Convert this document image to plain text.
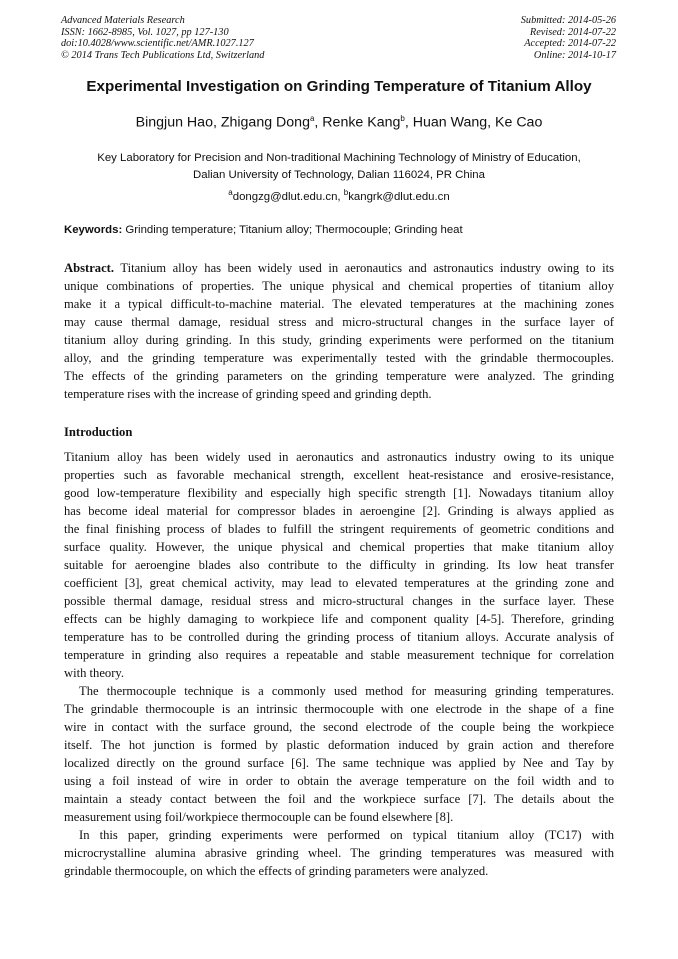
Advanced Materials Research
ISSN: 1662-8985, Vol. 1027, pp 127-130
doi:10.4028/www.scientific.net/AMR.1027.127
© 2014 Trans Tech Publications Ltd, Switzerland
Submitted: 2014-05-26
Revised: 2014-07-22
Accepted: 2014-07-22
Online: 2014-10-17
Experimental Investigation on Grinding Temperature of Titanium Alloy
Bingjun Hao, Zhigang Dong$^a$, Renke Kang$^b$, Huan Wang, Ke Cao
Key Laboratory for Precision and Non-traditional Machining Technology of Ministry of Education,
Dalian University of Technology, Dalian 116024, PR China
$^a$dongzg@dlut.edu.cn, $^b$kangrk@dlut.edu.cn
Keywords: Grinding temperature; Titanium alloy; Thermocouple; Grinding heat
Abstract. Titanium alloy has been widely used in aeronautics and astronautics industry owing to its
unique combinations of properties. The unique physical and chemical properties of titanium alloy
make it a typical difficult-to-machine material. The elevated temperatures at the machining zones
may cause thermal damage, residual stress and micro-structural changes in the surface layer of
titanium alloy during grinding. In this study, grinding experiments were performed on the titanium
alloy, and the grinding temperature was experimentally tested with the grindable thermocouples.
The effects of the grinding parameters on the grinding temperature were analyzed. The grinding
temperature rises with the increase of grinding speed and grinding depth.
Introduction
Titanium alloy has been widely used in aeronautics and astronautics industry owing to its unique
properties such as favorable mechanical strength, excellent heat-resistance and erosive-resistance,
good low-temperature flexibility and especially high specific strength [1]. Nowadays titanium alloy
has become ideal material for compressor blades in aeroengine [2]. Grinding is always applied as
the final finishing process of blades to fulfill the stringent requirements of geometric conditions and
surface quality. However, the unique physical and chemical properties that make titanium alloy
suitable for aeroengine blades also contribute to the difficulty in grinding. Its low heat transfer
coefficient [3], great chemical activity, may lead to elevated temperatures at the grinding zone and
possible thermal damage, residual stress and micro-structural changes in the surface layer. These
effects can be highly damaging to workpiece life and component quality [4-5]. Therefore, grinding
temperature has to be controlled during the grinding process of titanium alloys. Accurate analysis of
temperature in grinding also requires a repeatable and stable measurement technique for correlation
with theory.
The thermocouple technique is a commonly used method for measuring grinding temperatures.
The grindable thermocouple is an intrinsic thermocouple with one electrode in the shape of a fine
wire in contact with the surface ground, the second electrode of the couple being the workpiece
itself. The hot junction is formed by plastic deformation induced by grain action and therefore
localized directly on the ground surface [6]. The same technique was applied by Nee and Tay by
using a foil instead of wire in order to obtain the average temperature on the foil width and to
maintain a steady contact between the foil and the workpiece surface [7]. The details about the
measurement using foil/workpiece thermocouple can be found elsewhere [8].
In this paper, grinding experiments were performed on typical titanium alloy (TC17) with
microcrystalline alumina abrasive grinding wheel. The grinding temperatures was measured with
grindable thermocouple, on which the effects of grinding parameters were analyzed.
